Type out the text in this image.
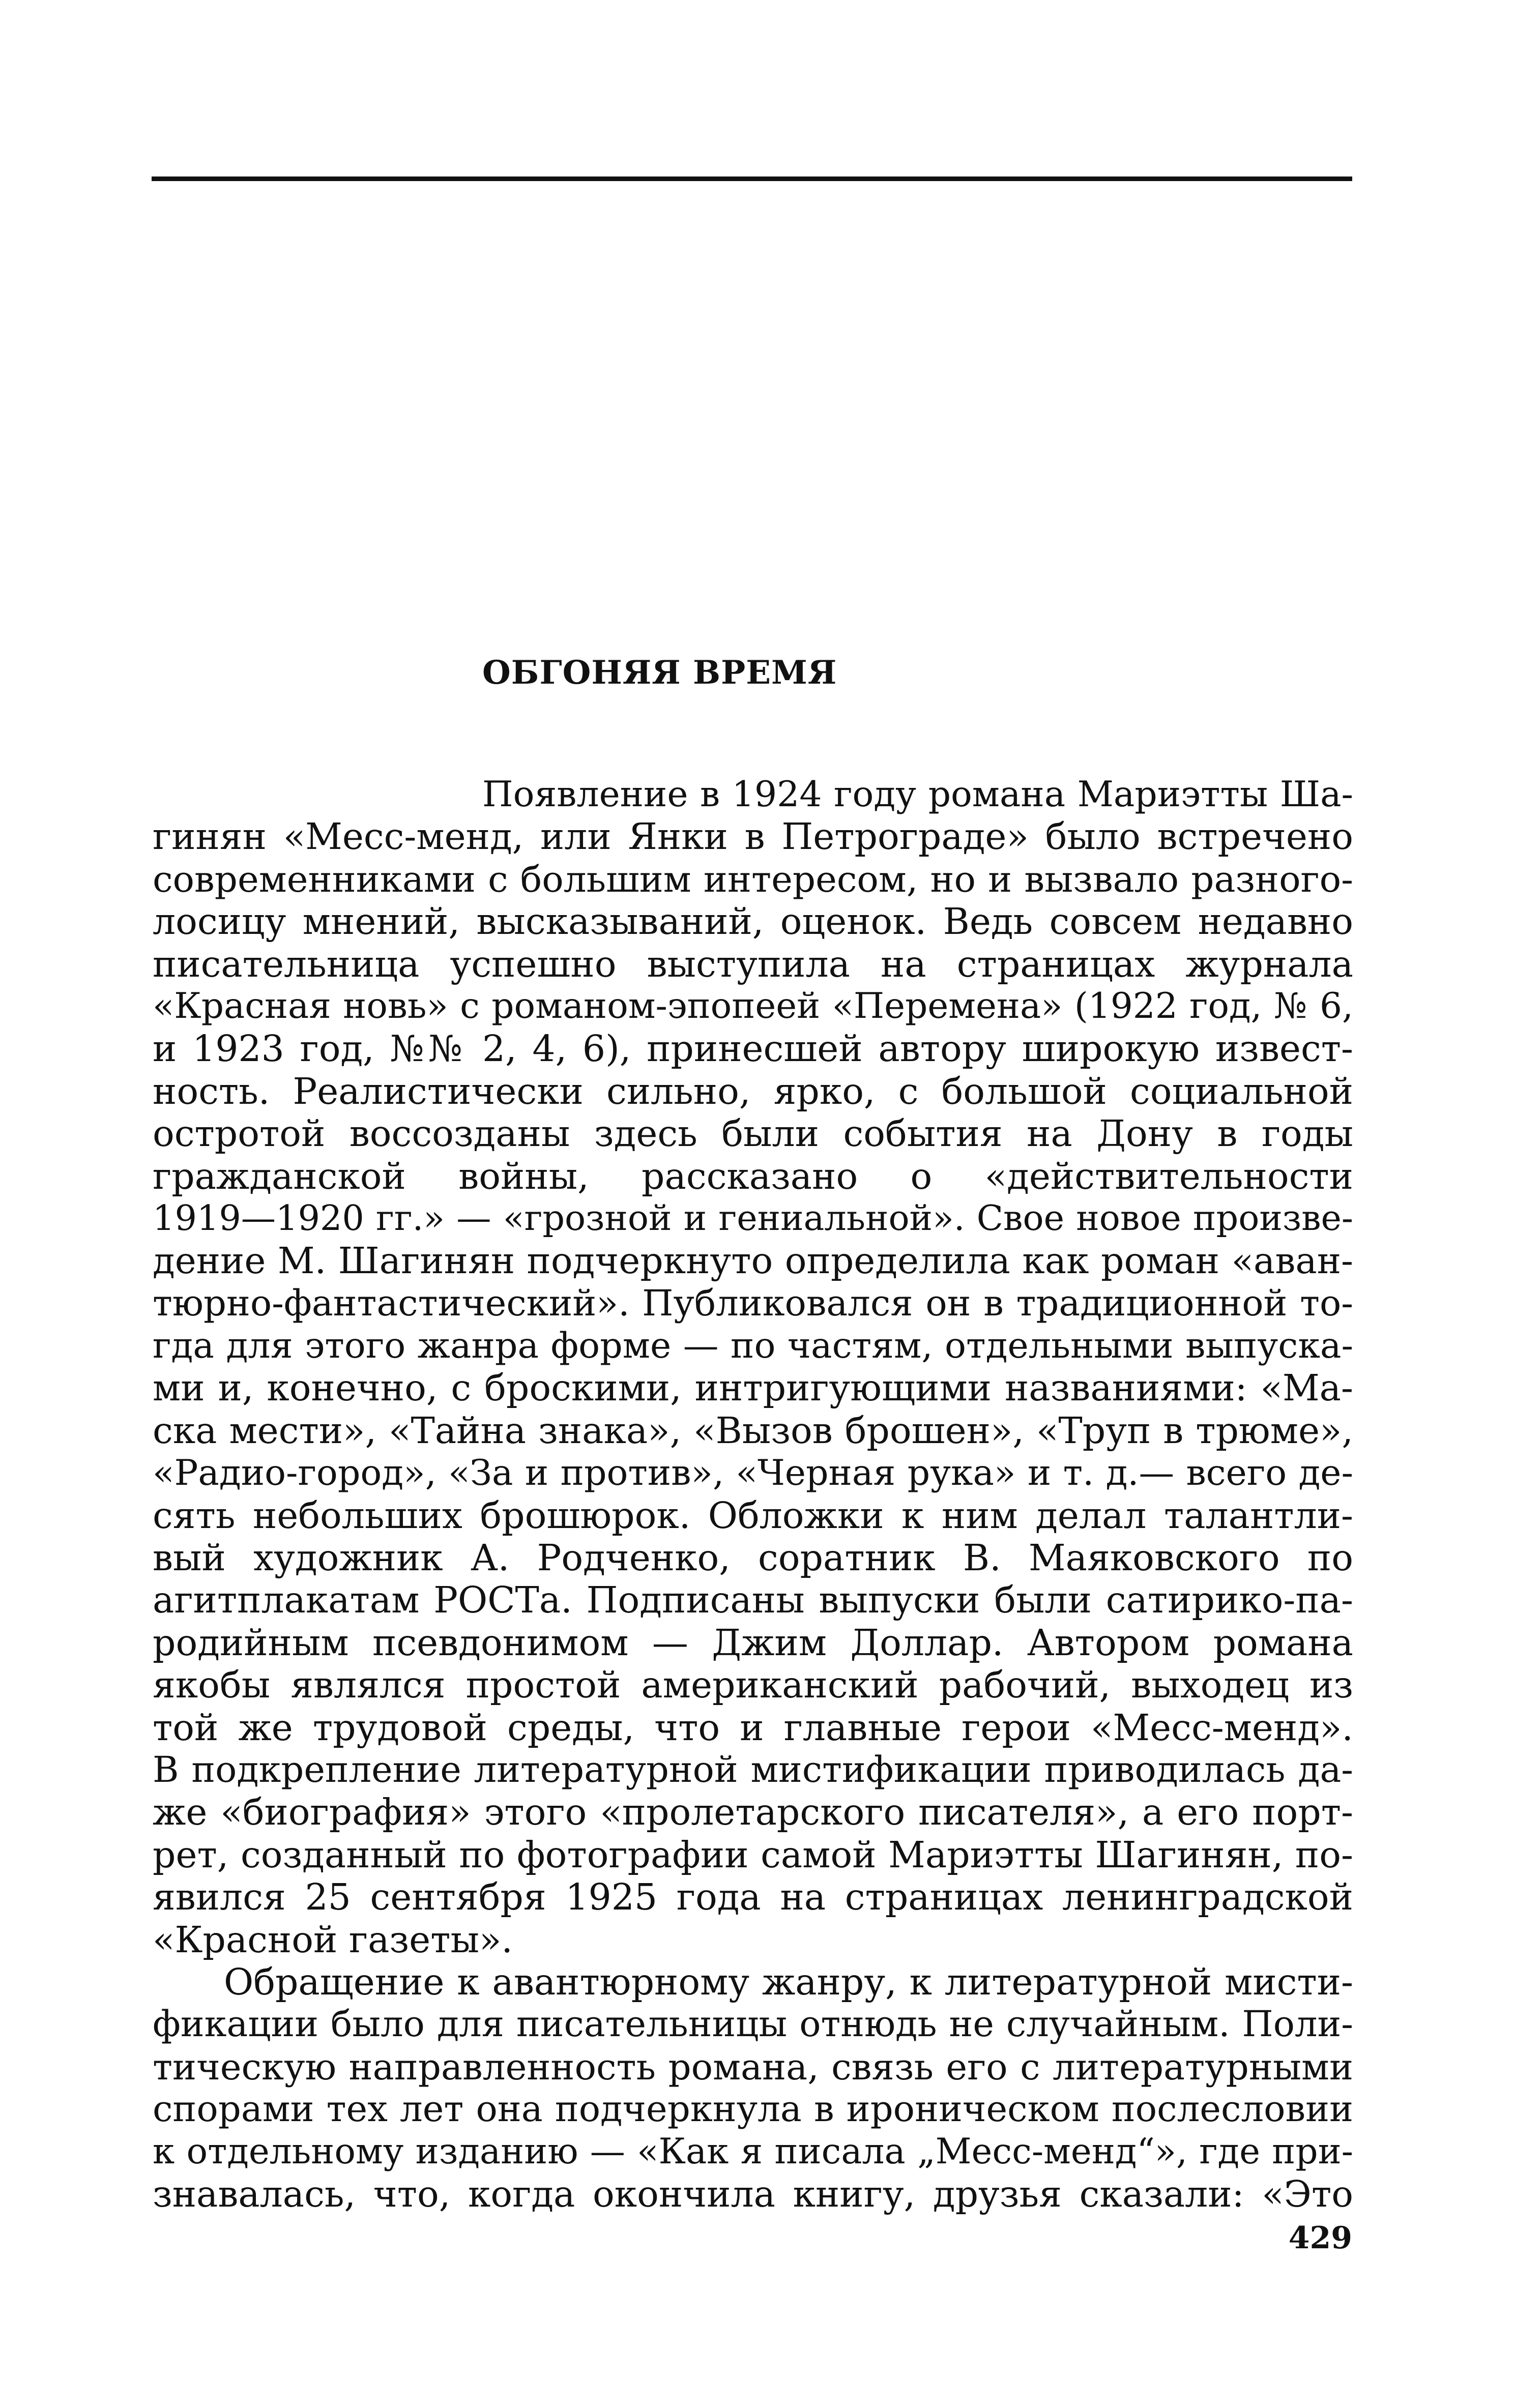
ОБГОНЯЯ ВРЕМЯ
Появление в 1924 году романа Мариэтты Ша-
гинян «Месс-менд, или Янки в Петрограде» было встречено
современниками с большим интересом, но и вызвало разного-
лосицу мнений, высказываний, оценок. Ведь совсем недавно
писательница успешно выступила на страницах журнала
«Красная новь» с романом-эпопеей «Перемена» (1922 год, № 6,
и 1923 год, №№ 2, 4, 6), принесшей автору широкую извест-
ность. Реалистически сильно, ярко, с большой социальной
остротой воссозданы здесь были события на Дону в годы
гражданской войны, рассказано о «действительности
1919—1920 гг.» — «грозной и гениальной». Свое новое произве-
дение М. Шагинян подчеркнуто определила как роман «аван-
тюрно-фантастический». Публиковался он в традиционной то-
гда для этого жанра форме — по частям, отдельными выпуска-
ми и, конечно, с броскими, интригующими названиями: «Ма-
ска мести», «Тайна знака», «Вызов брошен», «Труп в трюме»,
«Радио-город», «За и против», «Черная рука» и т. д.— всего де-
сять небольших брошюрок. Обложки к ним делал талантли-
вый художник А. Родченко, соратник В. Маяковского по
агитплакатам РОСТа. Подписаны выпуски были сатирико-па-
родийным псевдонимом — Джим Доллар. Автором романа
якобы являлся простой американский рабочий, выходец из
той же трудовой среды, что и главные герои «Месс-менд».
В подкрепление литературной мистификации приводилась да-
же «биография» этого «пролетарского писателя», а его порт-
рет, созданный по фотографии самой Мариэтты Шагинян, по-
явился 25 сентября 1925 года на страницах ленинградской
«Красной газеты».
Обращение к авантюрному жанру, к литературной мисти-
фикации было для писательницы отнюдь не случайным. Поли-
тическую направленность романа, связь его с литературными
спорами тех лет она подчеркнула в ироническом послесловии
к отдельному изданию — «Как я писала „Месс-менд“», где при-
знавалась, что, когда окончила книгу, друзья сказали: «Это
429
